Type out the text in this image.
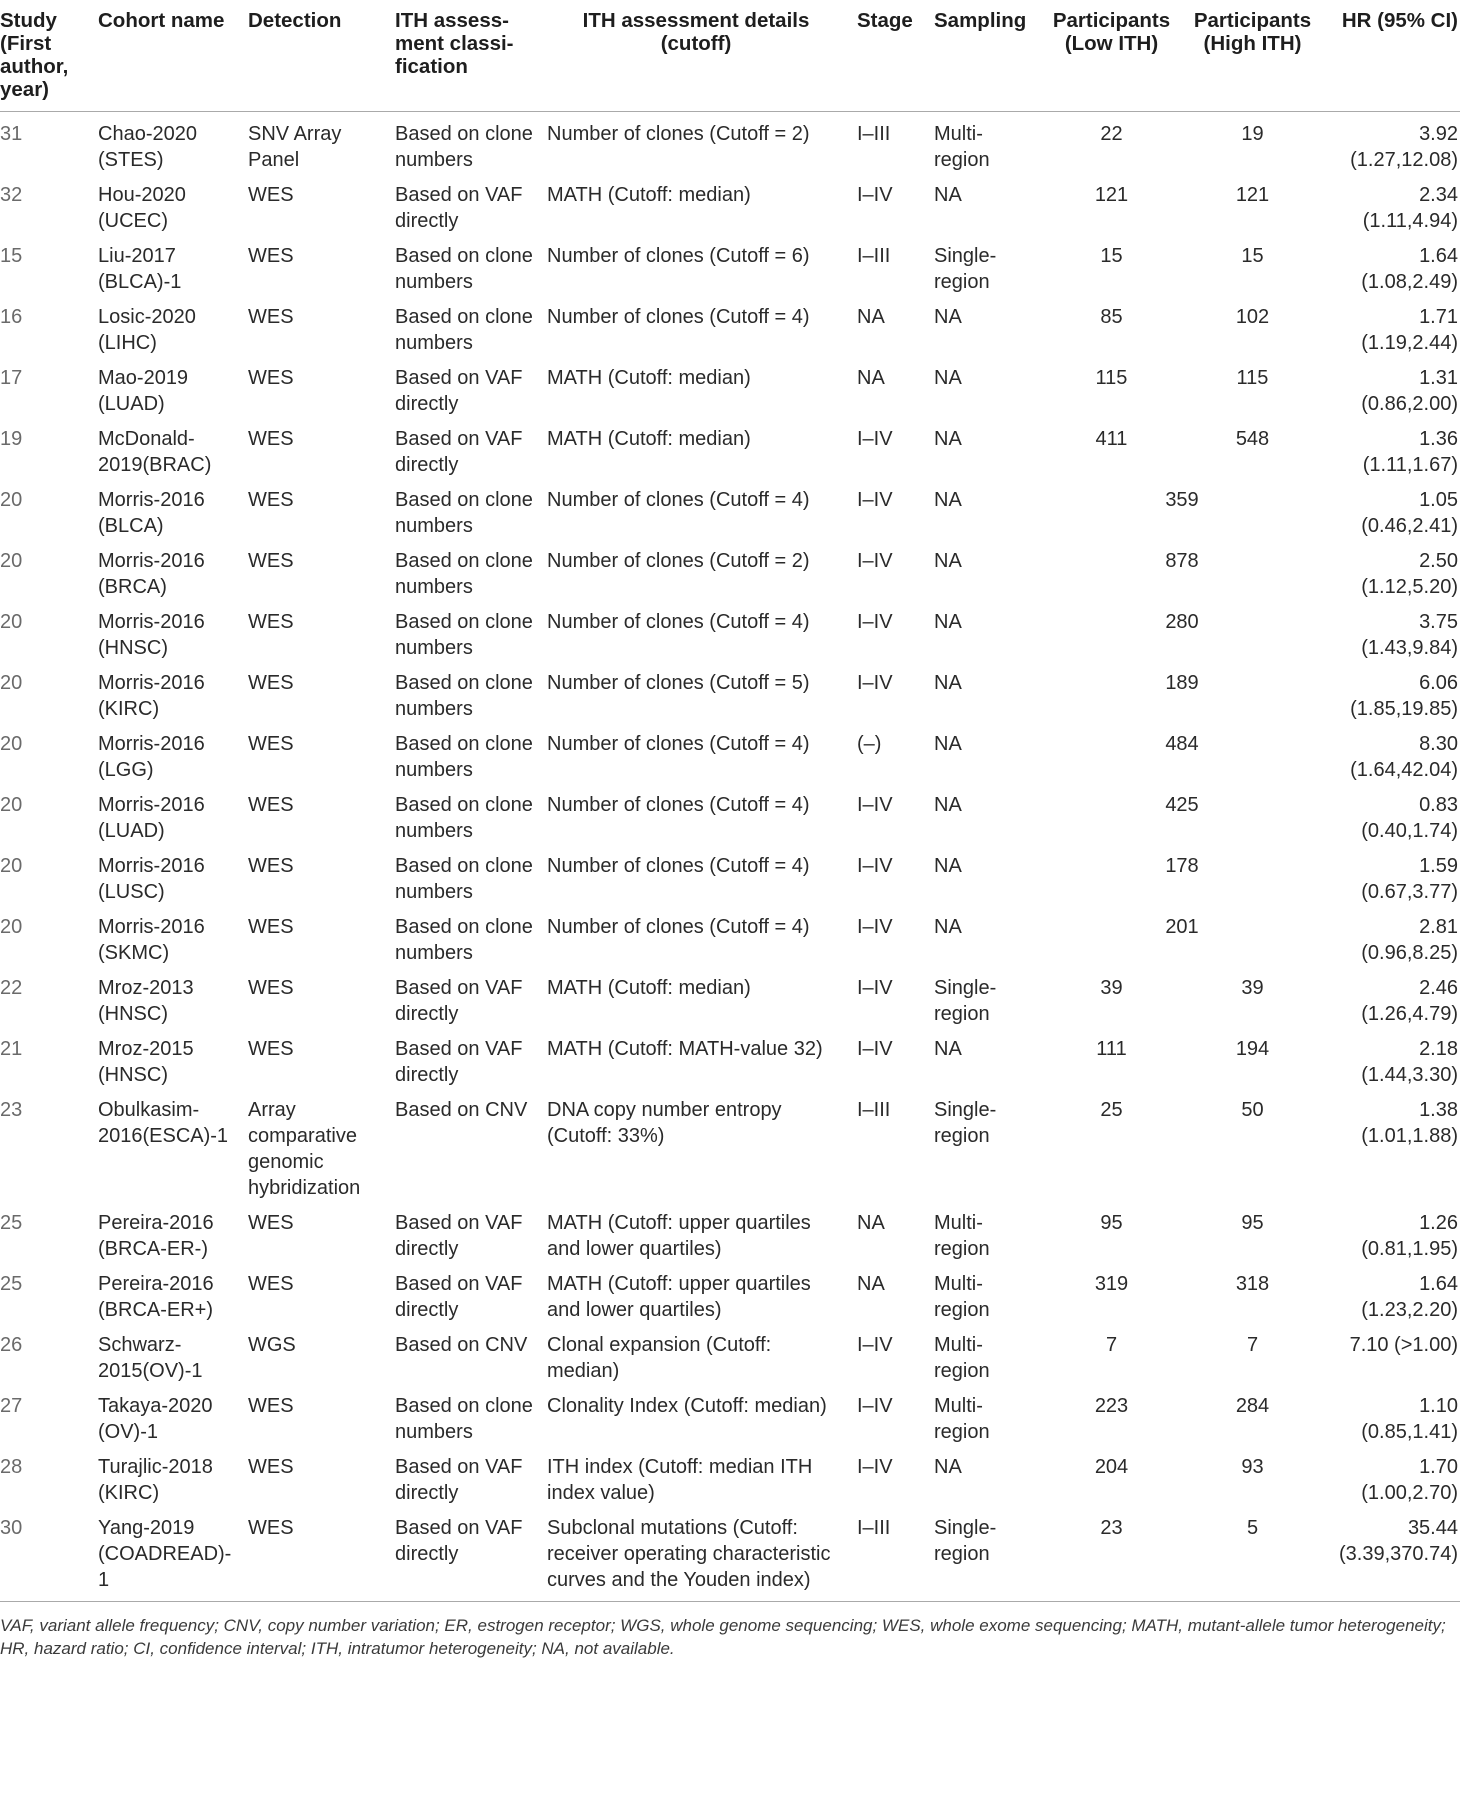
Study (First author, year)	Cohort name	Detection	ITH assess-ment classi-fication	ITH assessment details (cutoff)	Stage	Sampling	Participants (Low ITH)	Participants (High ITH)	HR (95% CI)
31	Chao-2020 (STES)	SNV Array Panel	Based on clone numbers	Number of clones (Cutoff = 2)	I–III	Multi-region	22	19	3.92 (1.27,12.08)
32	Hou-2020 (UCEC)	WES	Based on VAF directly	MATH (Cutoff: median)	I–IV	NA	121	121	2.34 (1.11,4.94)
15	Liu-2017 (BLCA)-1	WES	Based on clone numbers	Number of clones (Cutoff = 6)	I–III	Single-region	15	15	1.64 (1.08,2.49)
16	Losic-2020 (LIHC)	WES	Based on clone numbers	Number of clones (Cutoff = 4)	NA	NA	85	102	1.71 (1.19,2.44)
17	Mao-2019 (LUAD)	WES	Based on VAF directly	MATH (Cutoff: median)	NA	NA	115	115	1.31 (0.86,2.00)
19	McDonald-2019(BRAC)	WES	Based on VAF directly	MATH (Cutoff: median)	I–IV	NA	411	548	1.36 (1.11,1.67)
20	Morris-2016 (BLCA)	WES	Based on clone numbers	Number of clones (Cutoff = 4)	I–IV	NA	359		1.05 (0.46,2.41)
20	Morris-2016 (BRCA)	WES	Based on clone numbers	Number of clones (Cutoff = 2)	I–IV	NA	878		2.50 (1.12,5.20)
20	Morris-2016 (HNSC)	WES	Based on clone numbers	Number of clones (Cutoff = 4)	I–IV	NA	280		3.75 (1.43,9.84)
20	Morris-2016 (KIRC)	WES	Based on clone numbers	Number of clones (Cutoff = 5)	I–IV	NA	189		6.06 (1.85,19.85)
20	Morris-2016 (LGG)	WES	Based on clone numbers	Number of clones (Cutoff = 4)	(–)	NA	484		8.30 (1.64,42.04)
20	Morris-2016 (LUAD)	WES	Based on clone numbers	Number of clones (Cutoff = 4)	I–IV	NA	425		0.83 (0.40,1.74)
20	Morris-2016 (LUSC)	WES	Based on clone numbers	Number of clones (Cutoff = 4)	I–IV	NA	178		1.59 (0.67,3.77)
20	Morris-2016 (SKMC)	WES	Based on clone numbers	Number of clones (Cutoff = 4)	I–IV	NA	201		2.81 (0.96,8.25)
22	Mroz-2013 (HNSC)	WES	Based on VAF directly	MATH (Cutoff: median)	I–IV	Single-region	39	39	2.46 (1.26,4.79)
21	Mroz-2015 (HNSC)	WES	Based on VAF directly	MATH (Cutoff: MATH-value 32)	I–IV	NA	111	194	2.18 (1.44,3.30)
23	Obulkasim-2016(ESCA)-1	Array comparative genomic hybridization	Based on CNV	DNA copy number entropy (Cutoff: 33%)	I–III	Single-region	25	50	1.38 (1.01,1.88)
25	Pereira-2016 (BRCA-ER-)	WES	Based on VAF directly	MATH (Cutoff: upper quartiles and lower quartiles)	NA	Multi-region	95	95	1.26 (0.81,1.95)
25	Pereira-2016 (BRCA-ER+)	WES	Based on VAF directly	MATH (Cutoff: upper quartiles and lower quartiles)	NA	Multi-region	319	318	1.64 (1.23,2.20)
26	Schwarz-2015(OV)-1	WGS	Based on CNV	Clonal expansion (Cutoff: median)	I–IV	Multi-region	7	7	7.10 (>1.00)
27	Takaya-2020 (OV)-1	WES	Based on clone numbers	Clonality Index (Cutoff: median)	I–IV	Multi-region	223	284	1.10 (0.85,1.41)
28	Turajlic-2018 (KIRC)	WES	Based on VAF directly	ITH index (Cutoff: median ITH index value)	I–IV	NA	204	93	1.70 (1.00,2.70)
30	Yang-2019 (COADREAD)-1	WES	Based on VAF directly	Subclonal mutations (Cutoff: receiver operating characteristic curves and the Youden index)	I–III	Single-region	23	5	35.44 (3.39,370.74)
VAF, variant allele frequency; CNV, copy number variation; ER, estrogen receptor; WGS, whole genome sequencing; WES, whole exome sequencing; MATH, mutant-allele tumor heterogeneity; HR, hazard ratio; CI, confidence interval; ITH, intratumor heterogeneity; NA, not available.
